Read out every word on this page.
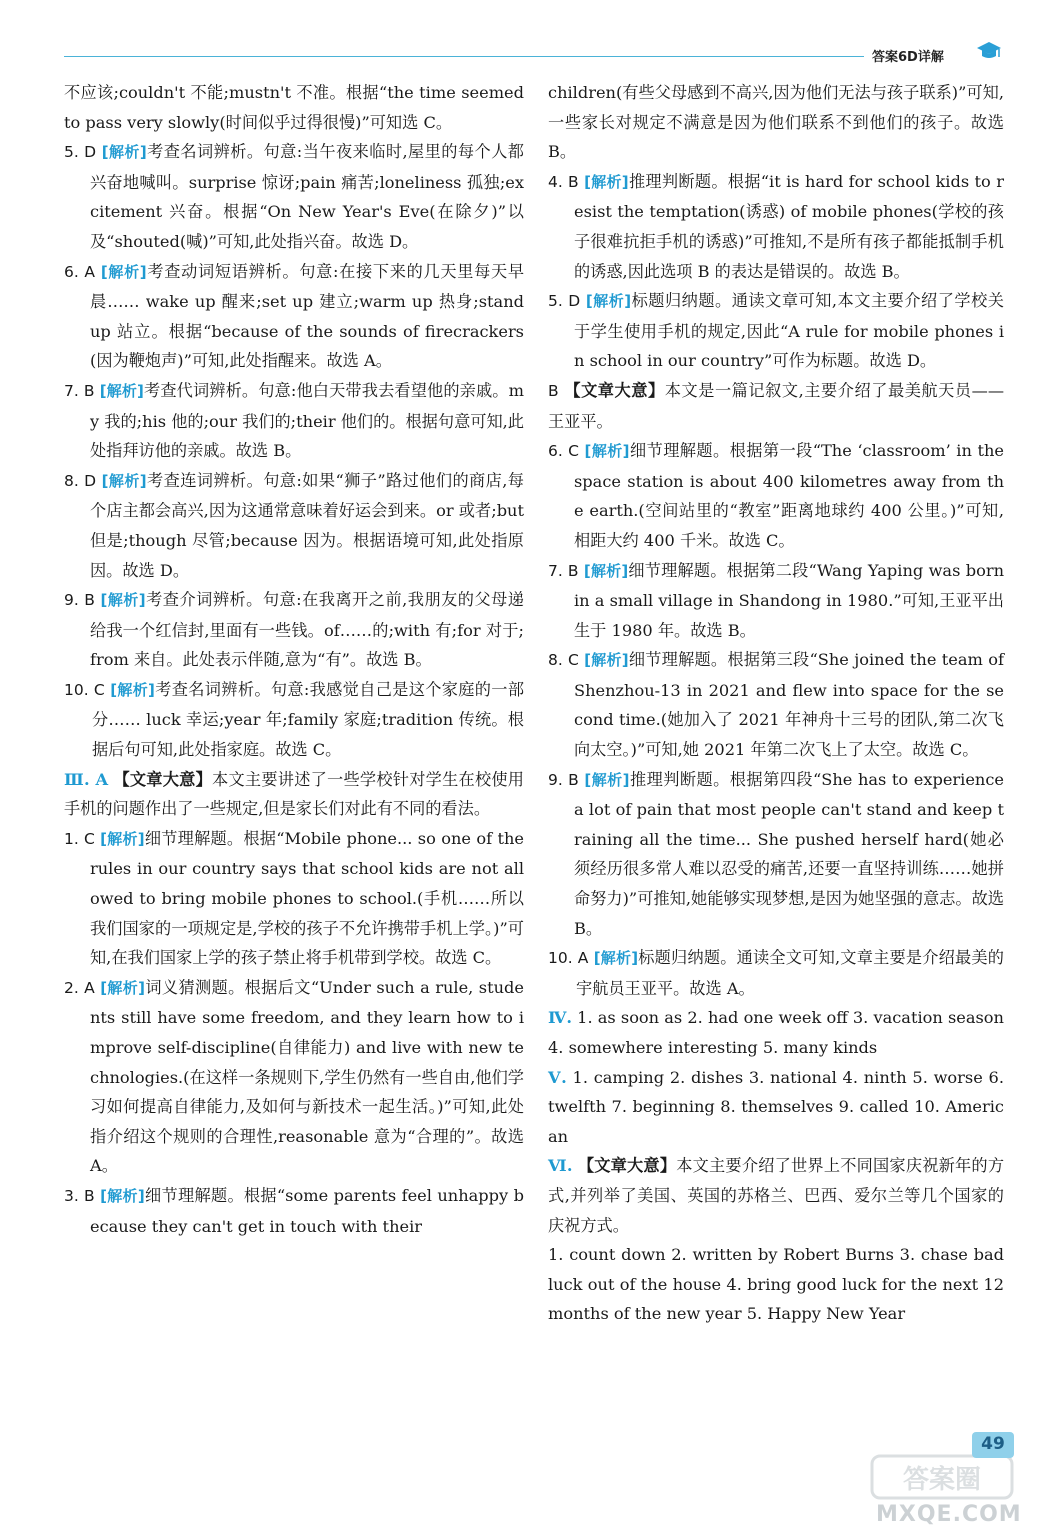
答案6D详解
不应该;couldn't 不能;mustn't 不准。根据“the time seemed to pass very slowly(时间似乎过得很慢)”可知选 C。
5. D [解析]考查名词辨析。句意:当午夜来临时,屋里的每个人都兴奋地喊叫。surprise 惊讶;pain 痛苦;loneliness 孤独;excitement 兴奋。根据“On New Year's Eve(在除夕)”以及“shouted(喊)”可知,此处指兴奋。故选 D。
6. A [解析]考查动词短语辨析。句意:在接下来的几天里每天早晨…… wake up 醒来;set up 建立;warm up 热身;stand up 站立。根据“because of the sounds of firecrackers(因为鞭炮声)”可知,此处指醒来。故选 A。
7. B [解析]考查代词辨析。句意:他白天带我去看望他的亲戚。my 我的;his 他的;our 我们的;their 他们的。根据句意可知,此处指拜访他的亲戚。故选 B。
8. D [解析]考查连词辨析。句意:如果“狮子”路过他们的商店,每个店主都会高兴,因为这通常意味着好运会到来。or 或者;but 但是;though 尽管;because 因为。根据语境可知,此处指原因。故选 D。
9. B [解析]考查介词辨析。句意:在我离开之前,我朋友的父母递给我一个红信封,里面有一些钱。of……的;with 有;for 对于;from 来自。此处表示伴随,意为“有”。故选 B。
10. C [解析]考查名词辨析。句意:我感觉自己是这个家庭的一部分…… luck 幸运;year 年;family 家庭;tradition 传统。根据后句可知,此处指家庭。故选 C。
Ⅲ. A 【文章大意】本文主要讲述了一些学校针对学生在校使用手机的问题作出了一些规定,但是家长们对此有不同的看法。
1. C [解析]细节理解题。根据“Mobile phone... so one of the rules in our country says that school kids are not allowed to bring mobile phones to school.(手机……所以我们国家的一项规定是,学校的孩子不允许携带手机上学。)”可知,在我们国家上学的孩子禁止将手机带到学校。故选 C。
2. A [解析]词义猜测题。根据后文“Under such a rule, students still have some freedom, and they learn how to improve self-discipline(自律能力) and live with new technologies.(在这样一条规则下,学生仍然有一些自由,他们学习如何提高自律能力,及如何与新技术一起生活。)”可知,此处指介绍这个规则的合理性,reasonable 意为“合理的”。故选 A。
3. B [解析]细节理解题。根据“some parents feel unhappy because they can't get in touch with their
children(有些父母感到不高兴,因为他们无法与孩子联系)”可知,一些家长对规定不满意是因为他们联系不到他们的孩子。故选 B。
4. B [解析]推理判断题。根据“it is hard for school kids to resist the temptation(诱惑) of mobile phones(学校的孩子很难抗拒手机的诱惑)”可推知,不是所有孩子都能抵制手机的诱惑,因此选项 B 的表达是错误的。故选 B。
5. D [解析]标题归纳题。通读文章可知,本文主要介绍了学校关于学生使用手机的规定,因此“A rule for mobile phones in school in our country”可作为标题。故选 D。
B 【文章大意】本文是一篇记叙文,主要介绍了最美航天员——王亚平。
6. C [解析]细节理解题。根据第一段“The ‘classroom’ in the space station is about 400 kilometres away from the earth.(空间站里的“教室”距离地球约 400 公里。)”可知,相距大约 400 千米。故选 C。
7. B [解析]细节理解题。根据第二段“Wang Yaping was born in a small village in Shandong in 1980.”可知,王亚平出生于 1980 年。故选 B。
8. C [解析]细节理解题。根据第三段“She joined the team of Shenzhou-13 in 2021 and flew into space for the second time.(她加入了 2021 年神舟十三号的团队,第二次飞向太空。)”可知,她 2021 年第二次飞上了太空。故选 C。
9. B [解析]推理判断题。根据第四段“She has to experience a lot of pain that most people can't stand and keep training all the time... She pushed herself hard(她必须经历很多常人难以忍受的痛苦,还要一直坚持训练……她拼命努力)”可推知,她能够实现梦想,是因为她坚强的意志。故选 B。
10. A [解析]标题归纳题。通读全文可知,文章主要是介绍最美的宇航员王亚平。故选 A。
Ⅳ. 1. as soon as 2. had one week off 3. vacation season 4. somewhere interesting 5. many kinds
Ⅴ. 1. camping 2. dishes 3. national 4. ninth 5. worse 6. twelfth 7. beginning 8. themselves 9. called 10. American
Ⅵ. 【文章大意】本文主要介绍了世界上不同国家庆祝新年的方式,并列举了美国、英国的苏格兰、巴西、爱尔兰等几个国家的庆祝方式。
1. count down 2. written by Robert Burns 3. chase bad luck out of the house 4. bring good luck for the next 12 months of the new year 5. Happy New Year
答案圈
MXQE.COM
49
